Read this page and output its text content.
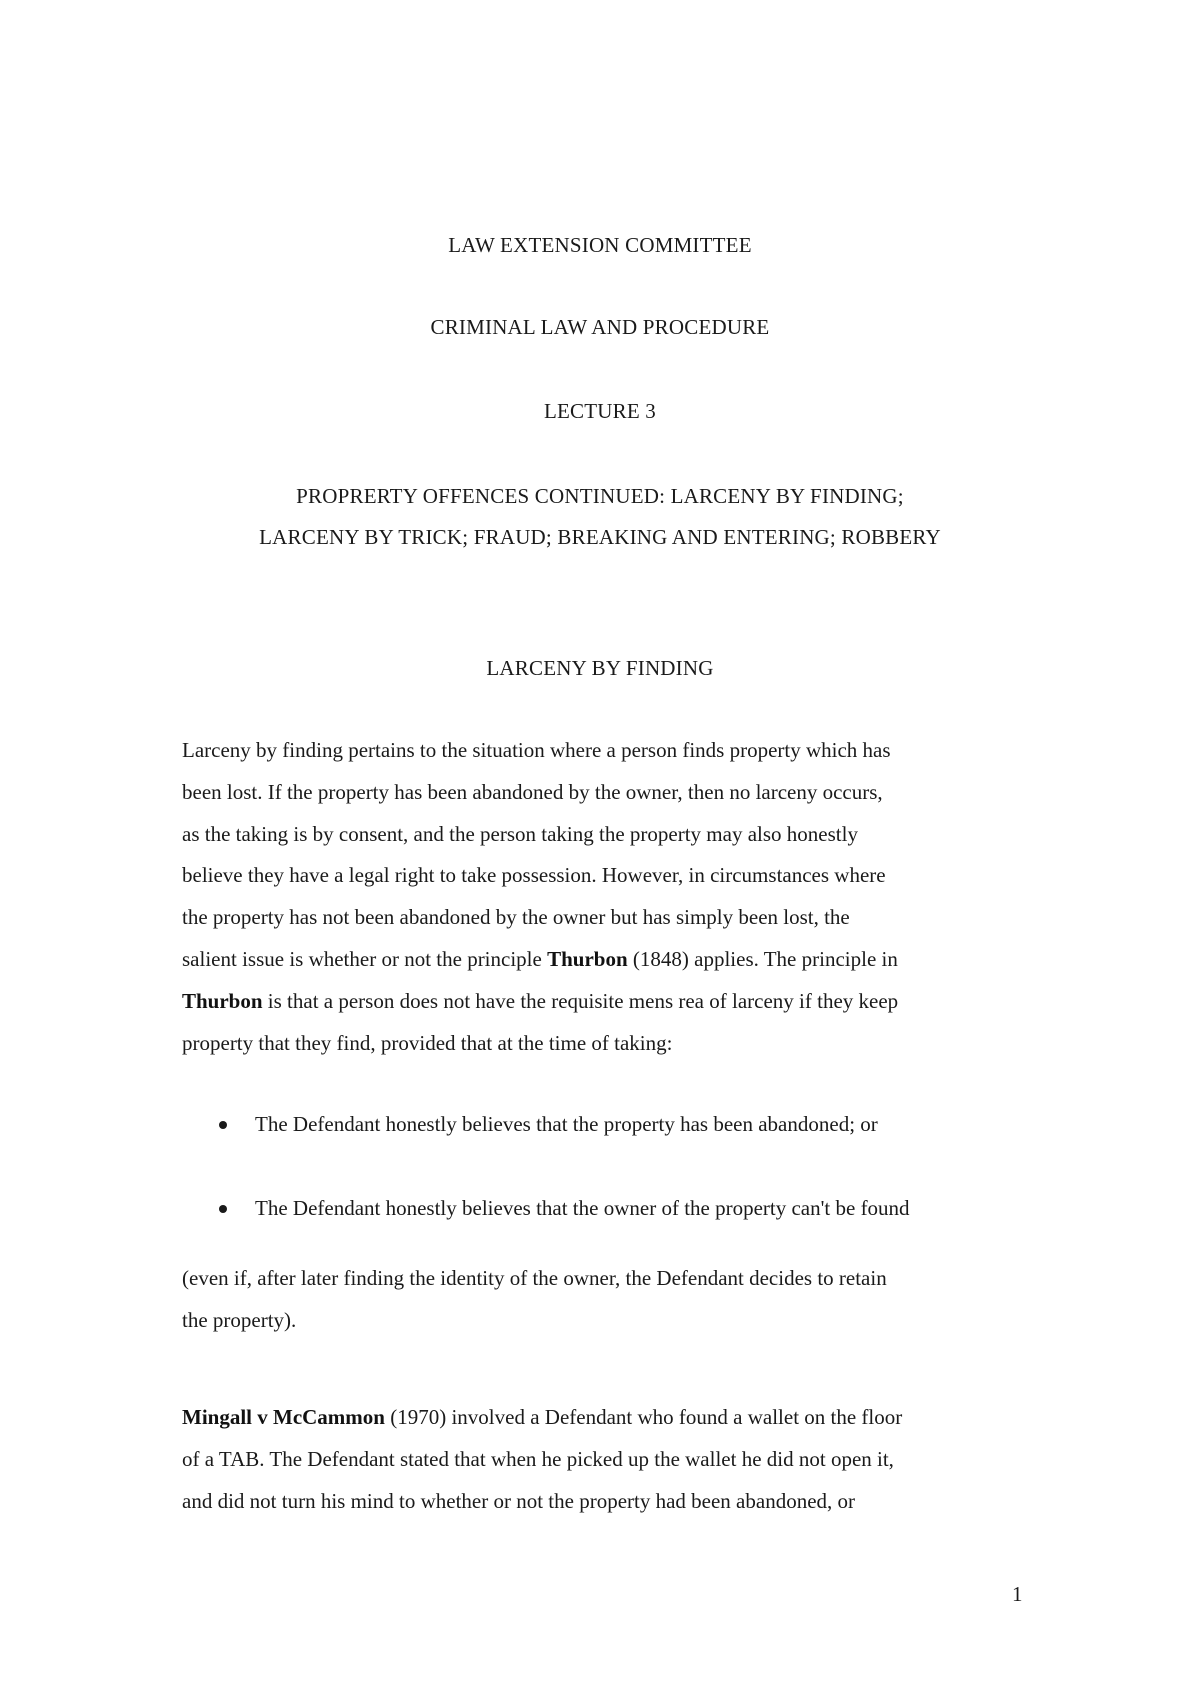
LAW EXTENSION COMMITTEE
CRIMINAL LAW AND PROCEDURE
LECTURE 3
PROPRERTY OFFENCES CONTINUED: LARCENY BY FINDING;
LARCENY BY TRICK; FRAUD; BREAKING AND ENTERING; ROBBERY
LARCENY BY FINDING
Larceny by finding pertains to the situation where a person finds property which has
been lost. If the property has been abandoned by the owner, then no larceny occurs,
as the taking is by consent, and the person taking the property may also honestly
believe they have a legal right to take possession. However, in circumstances where
the property has not been abandoned by the owner but has simply been lost, the
salient issue is whether or not the principle Thurbon (1848) applies. The principle in
Thurbon is that a person does not have the requisite mens rea of larceny if they keep
property that they find, provided that at the time of taking:
The Defendant honestly believes that the property has been abandoned; or
The Defendant honestly believes that the owner of the property can't be found
(even if, after later finding the identity of the owner, the Defendant decides to retain
the property).
Mingall v McCammon (1970) involved a Defendant who found a wallet on the floor
of a TAB. The Defendant stated that when he picked up the wallet he did not open it,
and did not turn his mind to whether or not the property had been abandoned, or
1
